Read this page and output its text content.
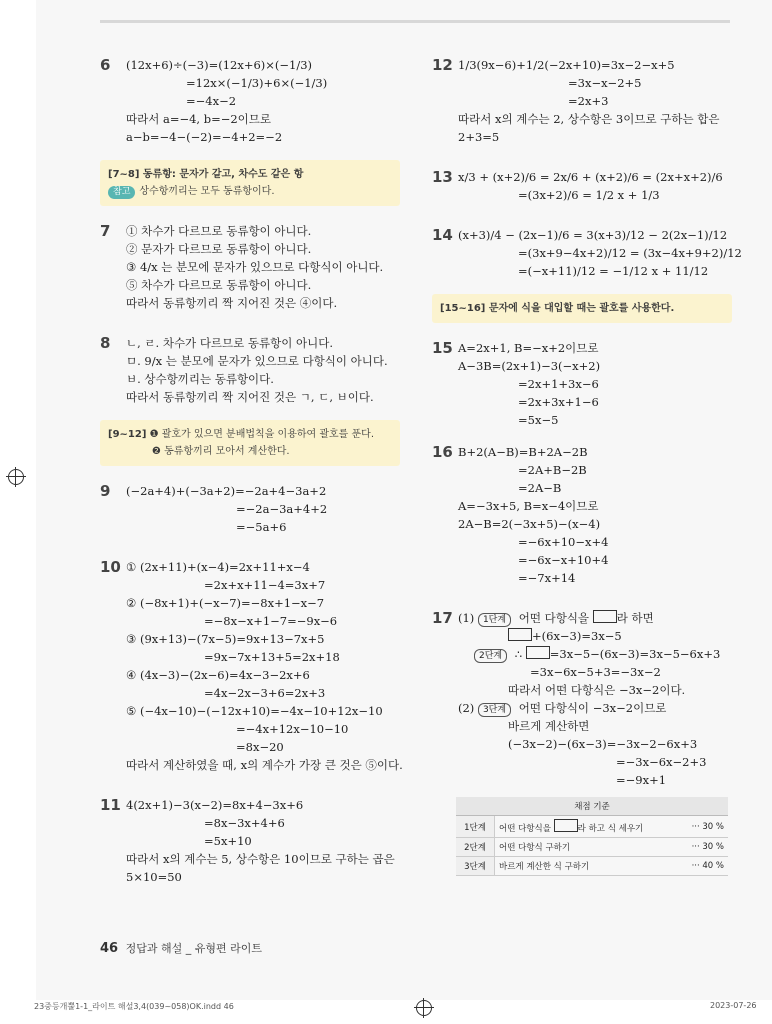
6 (12x+6)÷(−3)=(12x+6)×(−1/3)
=12x×(−1/3)+6×(−1/3)
=−4x−2
따라서 a=−4, b=−2이므로
a−b=−4−(−2)=−4+2=−2
[7~8] 동류항: 문자가 같고, 차수도 같은 항
참고 상수항끼리는 모두 동류항이다.
7 ① 차수가 다르므로 동류항이 아니다.
② 문자가 다르므로 동류항이 아니다.
③ 4/x 는 분모에 문자가 있으므로 다항식이 아니다.
⑤ 차수가 다르므로 동류항이 아니다.
따라서 동류항끼리 짝 지어진 것은 ④이다.
8 ㄴ, ㄹ. 차수가 다르므로 동류항이 아니다.
ㅁ. 9/x 는 분모에 문자가 있으므로 다항식이 아니다.
ㅂ. 상수항끼리는 동류항이다.
따라서 동류항끼리 짝 지어진 것은 ㄱ, ㄷ, ㅂ이다.
[9~12] ❶ 괄호가 있으면 분배법칙을 이용하여 괄호를 푼다.
❷ 동류항끼리 모아서 계산한다.
9 (−2a+4)+(−3a+2)=−2a+4−3a+2
=−2a−3a+4+2
=−5a+6
10 ① (2x+11)+(x−4)=2x+11+x−4
=2x+x+11−4=3x+7
② (−8x+1)+(−x−7)=−8x+1−x−7
=−8x−x+1−7=−9x−6
③ (9x+13)−(7x−5)=9x+13−7x+5
=9x−7x+13+5=2x+18
④ (4x−3)−(2x−6)=4x−3−2x+6
=4x−2x−3+6=2x+3
⑤ (−4x−10)−(−12x+10)=−4x−10+12x−10
=−4x+12x−10−10
=8x−20
따라서 계산하였을 때, x의 계수가 가장 큰 것은 ⑤이다.
11 4(2x+1)−3(x−2)=8x+4−3x+6
=8x−3x+4+6
=5x+10
따라서 x의 계수는 5, 상수항은 10이므로 구하는 곱은
5×10=50
12 1/3(9x−6)+1/2(−2x+10)=3x−2−x+5
=3x−x−2+5
=2x+3
따라서 x의 계수는 2, 상수항은 3이므로 구하는 합은
2+3=5
13 x/3 + (x+2)/6 = 2x/6 + (x+2)/6 = (2x+x+2)/6
=(3x+2)/6 = 1/2 x + 1/3
14 (x+3)/4 − (2x−1)/6 = 3(x+3)/12 − 2(2x−1)/12
=(3x+9−4x+2)/12 = (3x−4x+9+2)/12
=(−x+11)/12 = −1/12 x + 11/12
[15~16] 문자에 식을 대입할 때는 괄호를 사용한다.
15 A=2x+1, B=−x+2이므로
A−3B=(2x+1)−3(−x+2)
=2x+1+3x−6
=2x+3x+1−6
=5x−5
16 B+2(A−B)=B+2A−2B
=2A+B−2B
=2A−B
A=−3x+5, B=x−4이므로
2A−B=2(−3x+5)−(x−4)
=−6x+10−x+4
=−6x−x+10+4
=−7x+14
17 (1) 1단계 어떤 다항식을 라 하면
+(6x−3)=3x−5
2단계 ∴ =3x−5−(6x−3)=3x−5−6x+3
=3x−6x−5+3=−3x−2
따라서 어떤 다항식은 −3x−2이다.
(2) 3단계 어떤 다항식이 −3x−2이므로
바르게 계산하면
(−3x−2)−(6x−3)=−3x−2−6x+3
=−3x−6x−2+3
=−9x+1
채점 기준		
1단계	어떤 다항식을 라 하고 식 세우기	··· 30 %
2단계	어떤 다항식 구하기	··· 30 %
3단계	바르게 계산한 식 구하기	··· 40 %
46 정답과 해설 _ 유형편 라이트
23중등개뿔1-1_라이트 해설3,4(039~058)OK.indd 46	2023-07-26
